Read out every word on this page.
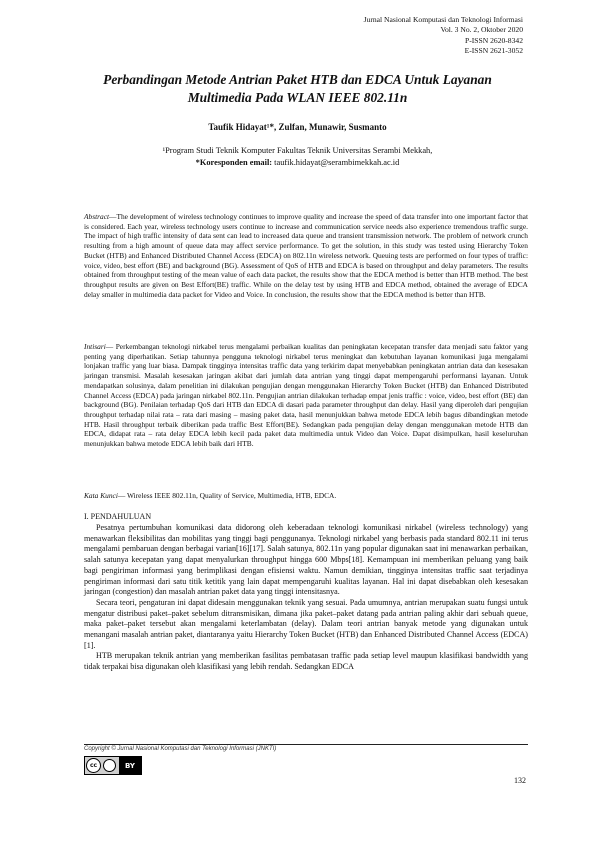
Jurnal Nasional Komputasi dan Teknologi Informasi
Vol. 3 No. 2, Oktober 2020
P-ISSN 2620-8342
E-ISSN 2621-3052
Perbandingan Metode Antrian Paket HTB dan EDCA Untuk Layanan
Multimedia Pada WLAN IEEE 802.11n
Taufik Hidayat¹*, Zulfan, Munawir, Susmanto
¹Program Studi Teknik Komputer Fakultas Teknik Universitas Serambi Mekkah,
*Koresponden email: taufik.hidayat@serambimekkah.ac.id
Abstract—The development of wireless technology continues to improve quality and increase the speed of data transfer into one important factor that is considered. Each year, wireless technology users continue to increase and communication service needs also experience tremendous traffic surge. The impact of high traffic intensity of data sent can lead to increased data queue and transient transmission network. The problem of network crunch resulting from a high amount of queue data may affect service performance. To get the solution, in this study was tested using Hierarchy Token Bucket (HTB) and Enhanced Distributed Channel Access (EDCA) on 802.11n wireless network. Queuing tests are performed on four types of traffic: voice, video, best effort (BE) and background (BG). Assessment of QoS of HTB and EDCA is based on throughput and delay parameters. The results obtained from throughput testing of the mean value of each data packet, the results show that the EDCA method is better than HTB method. The best throughput results are given on Best Effort(BE) traffic. While on the delay test by using HTB and EDCA method, obtained the average of EDCA delay smaller in multimedia data packet for Video and Voice. In conclusion, the results show that the EDCA method is better than HTB.
Intisari— Perkembangan teknologi nirkabel terus mengalami perbaikan kualitas dan peningkatan kecepatan transfer data menjadi satu faktor yang penting yang diperhatikan. Setiap tahunnya pengguna teknologi nirkabel terus meningkat dan kebutuhan layanan komunikasi juga mengalami lonjakan traffic yang luar biasa. Dampak tingginya intensitas traffic data yang terkirim dapat menyebabkan peningkatan antrian data dan kesesakan jaringan transmisi. Masalah kesesakan jaringan akibat dari jumlah data antrian yang tinggi dapat mempengaruhi performansi layanan. Untuk mendapatkan solusinya, dalam penelitian ini dilakukan pengujian dengan menggunakan Hierarchy Token Bucket (HTB) dan Enhanced Distributed Channel Access (EDCA) pada jaringan nirkabel 802.11n. Pengujian antrian dilakukan terhadap empat jenis traffic : voice, video, best effort (BE) dan background (BG). Penilaian terhadap QoS dari HTB dan EDCA di dasari pada parameter throughput dan delay. Hasil yang diperoleh dari pengujian throughput terhadap nilai rata – rata dari masing – masing paket data, hasil menunjukkan bahwa metode EDCA lebih bagus dibandingkan metode HTB. Hasil throughput terbaik diberikan pada traffic Best Effort(BE). Sedangkan pada pengujian delay dengan menggunakan metode HTB dan EDCA, didapat rata – rata delay EDCA lebih kecil pada paket data multimedia untuk Video dan Voice. Dapat disimpulkan, hasil keseluruhan menunjukkan bahwa metode EDCA lebih baik dari HTB.
Kata Kunci— Wireless IEEE 802.11n, Quality of Service, Multimedia, HTB, EDCA.
I. PENDAHULUAN

Pesatnya pertumbuhan komunikasi data didorong oleh keberadaan teknologi komunikasi nirkabel (wireless technology) yang menawarkan fleksibilitas dan mobilitas yang tinggi bagi penggunanya. Teknologi nirkabel yang berbasis pada standard 802.11 ini terus mengalami pembaruan dengan berbagai varian[16][17]. Salah satunya, 802.11n yang popular digunakan saat ini menawarkan perbaikan, salah satunya kecepatan yang dapat menyalurkan throughput hingga 600 Mbps[18]. Kemampuan ini memberikan peluang yang baik bagi pengiriman informasi yang berimplikasi dengan efisiensi waktu. Namun demikian, tingginya intensitas traffic saat terjadinya pengiriman informasi dari satu titik ketitik yang lain dapat mempengaruhi kualitas layanan. Hal ini dapat disebabkan oleh kesesakan jaringan (congestion) dan masalah antrian paket data yang tinggi intensitasnya.

Secara teori, pengaturan ini dapat didesain menggunakan teknik yang sesuai. Pada umumnya, antrian merupakan suatu fungsi untuk mengatur distribusi paket–paket sebelum ditransmisikan, dimana jika paket–paket datang pada antrian paling akhir dari sebuah queue, maka paket–paket tersebut akan mengalami keterlambatan (delay). Dalam teori antrian banyak metode yang digunakan untuk menangani masalah antrian paket, diantaranya yaitu Hierarchy Token Bucket (HTB) dan Enhanced Distributed Channel Access (EDCA) [1].

HTB merupakan teknik antrian yang memberikan fasilitas pembatasan traffic pada setiap level maupun klasifikasi bandwidth yang tidak terpakai bisa digunakan oleh klasifikasi yang lebih rendah. Sedangkan EDCA

Copyright © Jurnal Nasional Komputasi dan Teknologi Informasi (JNKTI)
cc	BY
132
